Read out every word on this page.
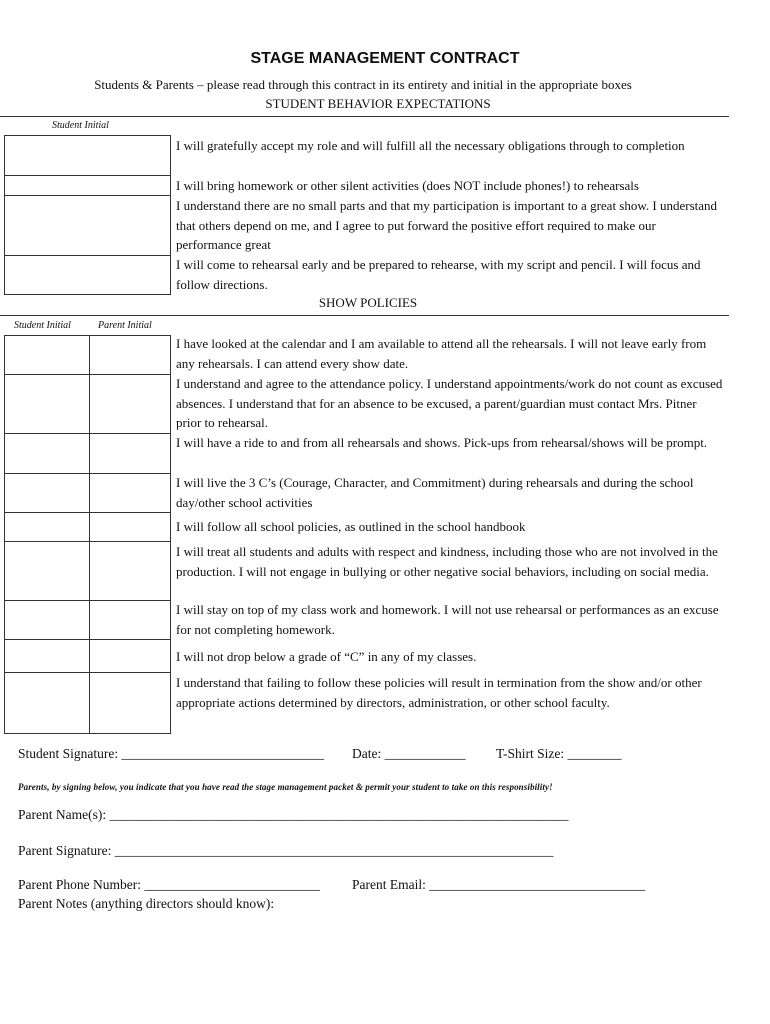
STAGE MANAGEMENT CONTRACT
Students & Parents – please read through this contract in its entirety and initial in the appropriate boxes
STUDENT BEHAVIOR EXPECTATIONS
Student Initial
I will gratefully accept my role and will fulfill all the necessary obligations through to completion
I will bring homework or other silent activities (does NOT include phones!) to rehearsals
I understand there are no small parts and that my participation is important to a great show. I understand that others depend on me, and I agree to put forward the positive effort required to make our performance great
I will come to rehearsal early and be prepared to rehearse, with my script and pencil. I will focus and follow directions.
SHOW POLICIES
Student Initial	Parent Initial
I have looked at the calendar and I am available to attend all the rehearsals. I will not leave early from any rehearsals. I can attend every show date.
I understand and agree to the attendance policy. I understand appointments/work do not count as excused absences. I understand that for an absence to be excused, a parent/guardian must contact Mrs. Pitner prior to rehearsal.
I will have a ride to and from all rehearsals and shows. Pick-ups from rehearsal/shows will be prompt.
I will live the 3 C’s (Courage, Character, and Commitment) during rehearsals and during the school day/other school activities
I will follow all school policies, as outlined in the school handbook
I will treat all students and adults with respect and kindness, including those who are not involved in the production. I will not engage in bullying or other negative social behaviors, including on social media.
I will stay on top of my class work and homework. I will not use rehearsal or performances as an excuse for not completing homework.
I will not drop below a grade of “C” in any of my classes.
I understand that failing to follow these policies will result in termination from the show and/or other appropriate actions determined by directors, administration, or other school faculty.
Student Signature: ______________________________ Date: ____________ T-Shirt Size: ________
Parents, by signing below, you indicate that you have read the stage management packet & permit your student to take on this responsibility!
Parent Name(s): ____________________________________________________________________
Parent Signature: _________________________________________________________________
Parent Phone Number: __________________________ Parent Email: ________________________________
Parent Notes (anything directors should know):
